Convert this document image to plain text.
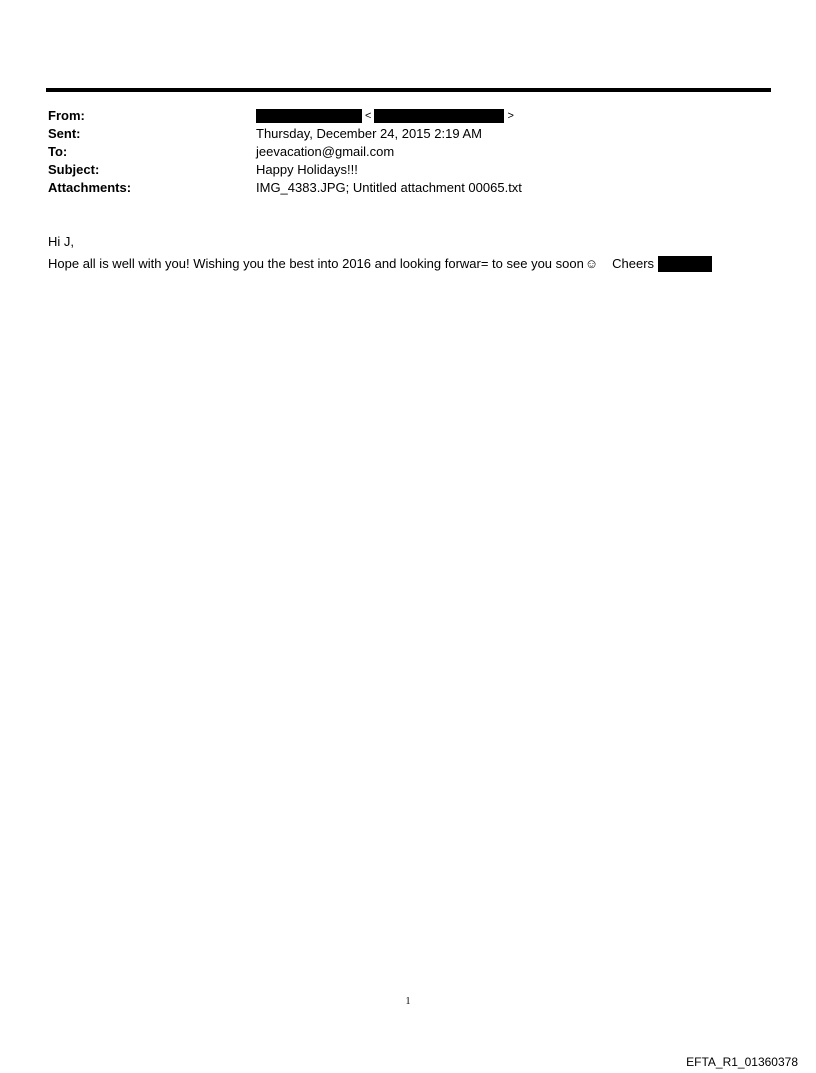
From:	<	>
Sent:	Thursday, December 24, 2015 2:19 AM
To:	jeevacation@gmail.com
Subject:	Happy Holidays!!!
Attachments:	IMG_4383.JPG; Untitled attachment 00065.txt
Hi J,
Hope all is well with you! Wishing you the best into 2016 and looking forwar= to see you soon ☺ Cheers
1
EFTA_R1_01360378
